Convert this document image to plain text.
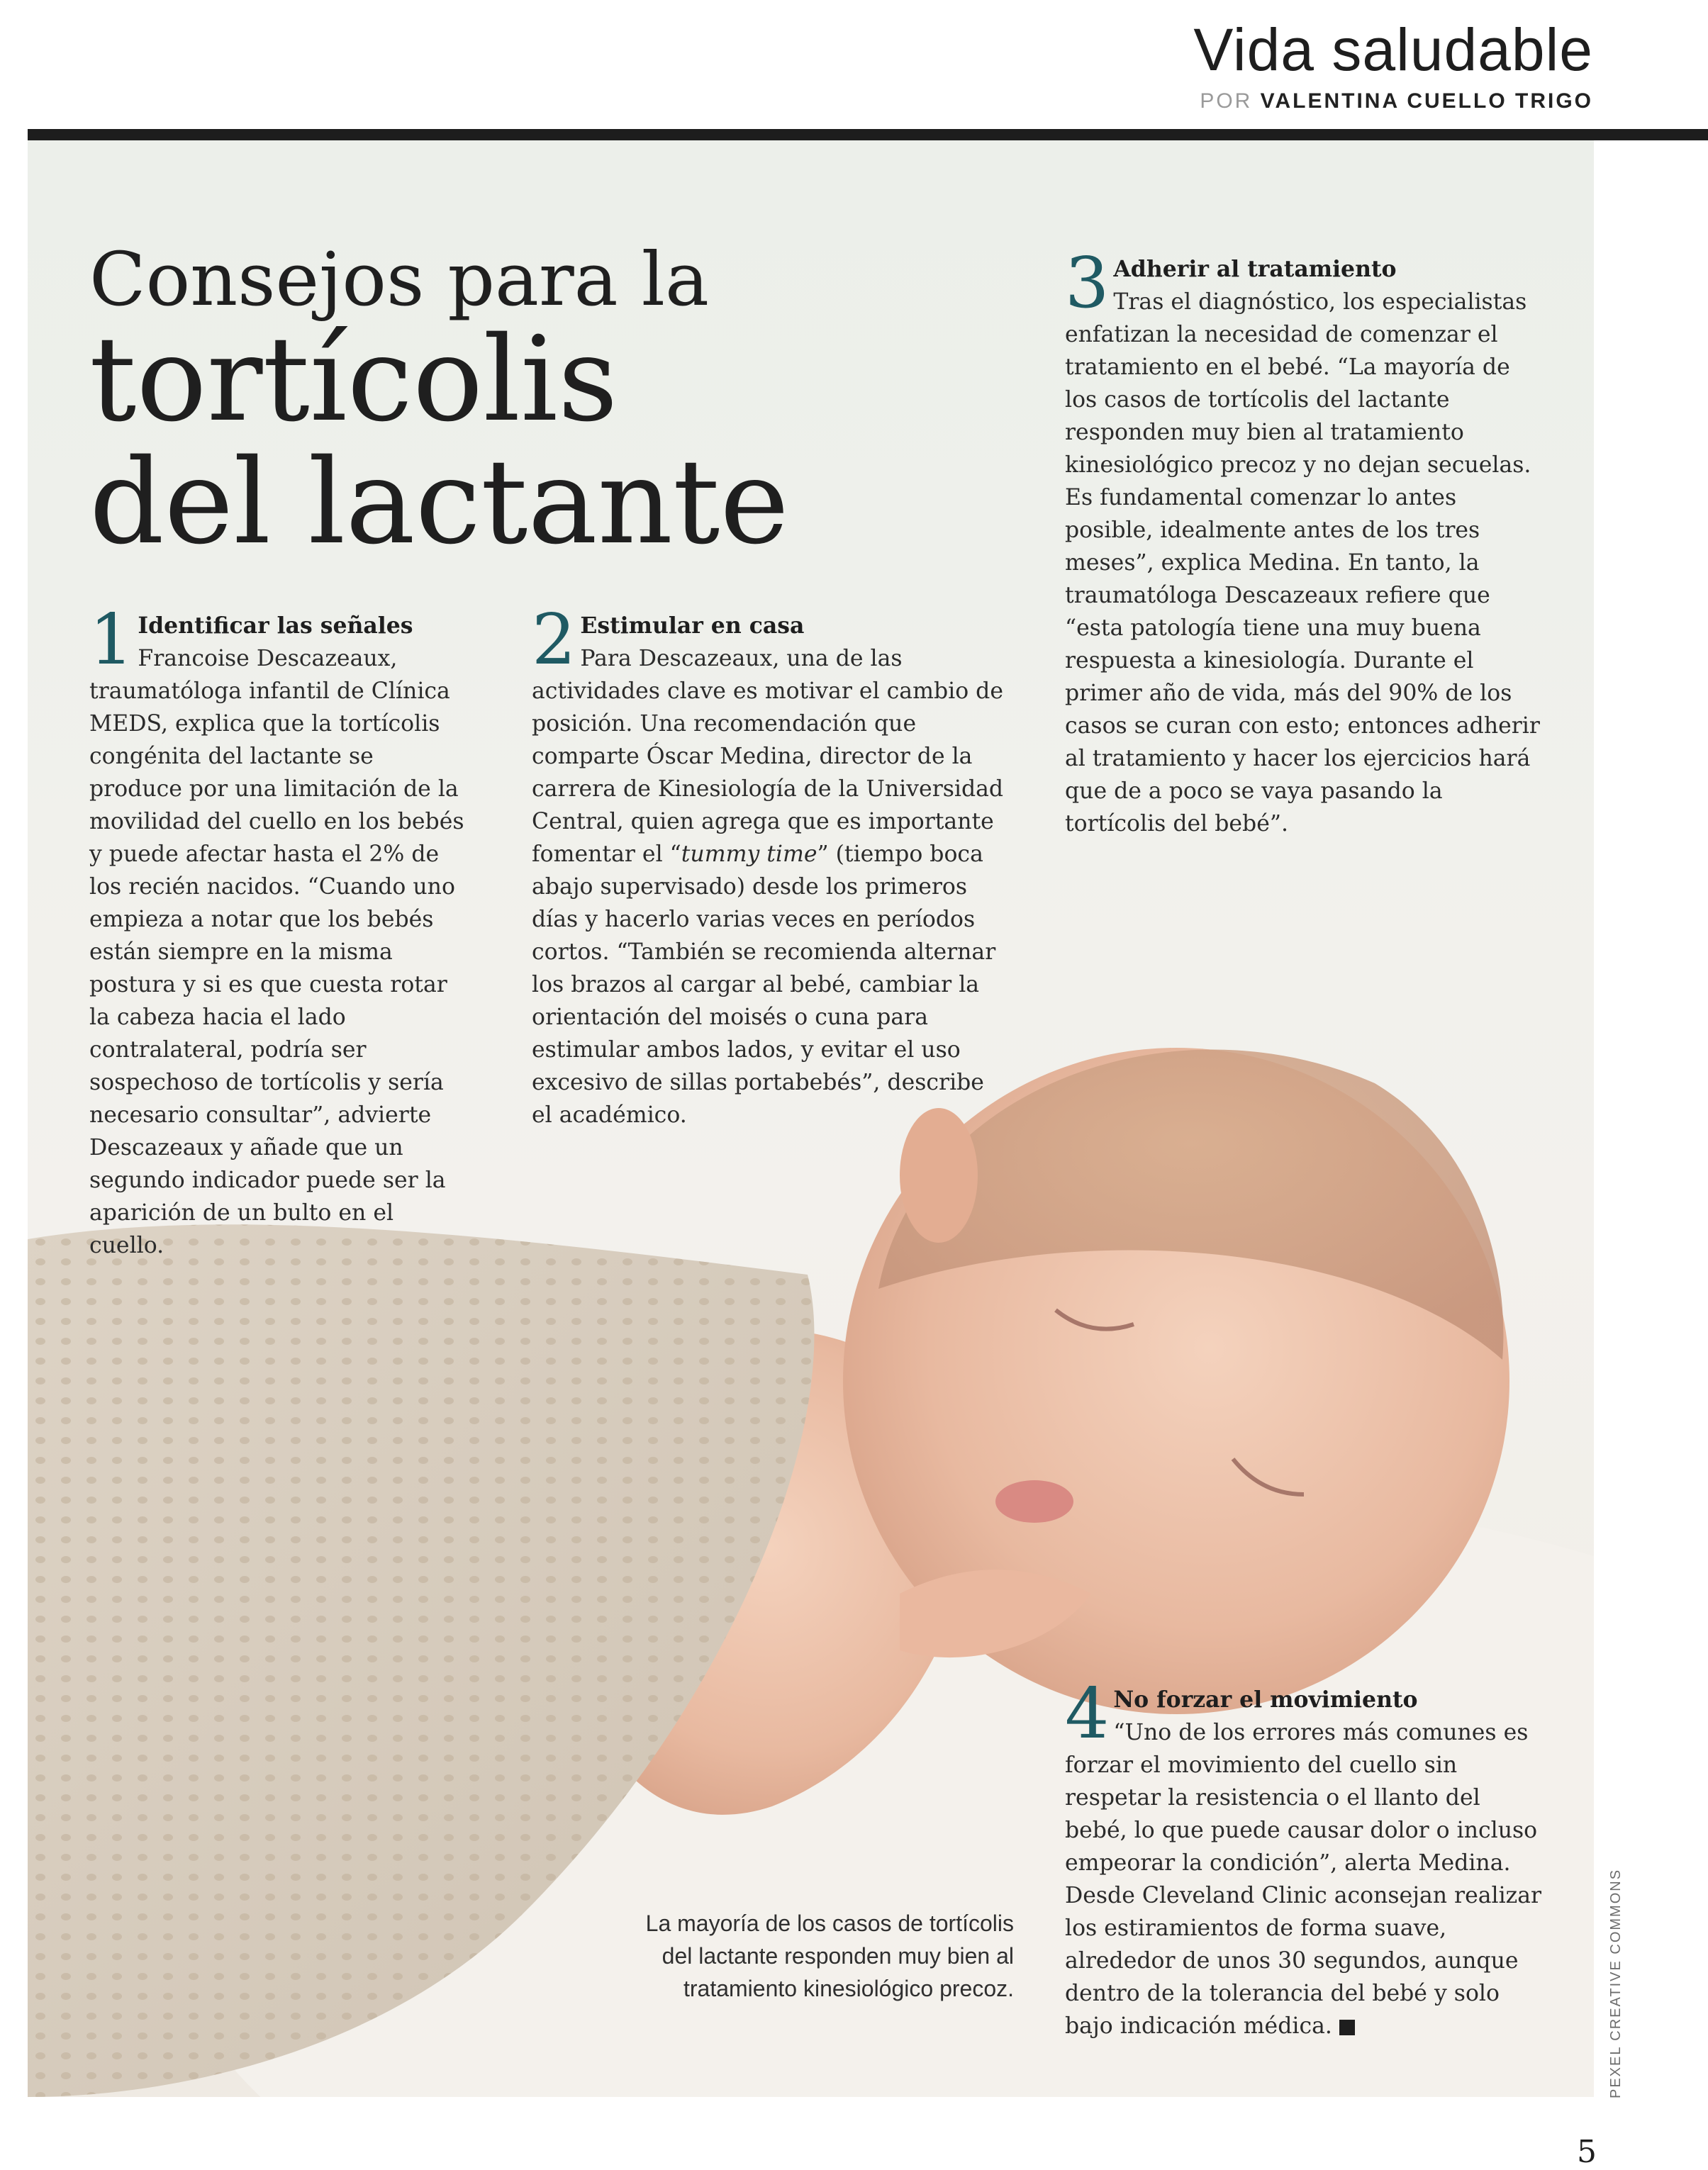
Vida saludable
POR VALENTINA CUELLO TRIGO
Consejos para la
tortícolis
del lactante
1 Identificar las señales
Francoise Descazeaux, traumatóloga infantil de Clínica MEDS, explica que la tortícolis congénita del lactante se produce por una limitación de la movilidad del cuello en los bebés y puede afectar hasta el 2% de los recién nacidos. “Cuando uno empieza a notar que los bebés están siempre en la misma postura y si es que cuesta rotar la cabeza hacia el lado contralateral, podría ser sospechoso de tortícolis y sería necesario consultar”, advierte Descazeaux y añade que un segundo indicador puede ser la aparición de un bulto en el cuello.
2 Estimular en casa
Para Descazeaux, una de las actividades clave es motivar el cambio de posición. Una recomendación que comparte Óscar Medina, director de la carrera de Kinesiología de la Universidad Central, quien agrega que es importante fomentar el “tummy time” (tiempo boca abajo supervisado) desde los primeros días y hacerlo varias veces en períodos cortos. “También se recomienda alternar los brazos al cargar al bebé, cambiar la orientación del moisés o cuna para estimular ambos lados, y evitar el uso excesivo de sillas portabebés”, describe el académico.
3 Adherir al tratamiento
Tras el diagnóstico, los especialistas enfatizan la necesidad de comenzar el tratamiento en el bebé. “La mayoría de los casos de tortícolis del lactante responden muy bien al tratamiento kinesiológico precoz y no dejan secuelas. Es fundamental comenzar lo antes posible, idealmente antes de los tres meses”, explica Medina. En tanto, la traumatóloga Descazeaux refiere que “esta patología tiene una muy buena respuesta a kinesiología. Durante el primer año de vida, más del 90% de los casos se curan con esto; entonces adherir al tratamiento y hacer los ejercicios hará que de a poco se vaya pasando la tortícolis del bebé”.
4 No forzar el movimiento
“Uno de los errores más comunes es forzar el movimiento del cuello sin respetar la resistencia o el llanto del bebé, lo que puede causar dolor o incluso empeorar la condición”, alerta Medina. Desde Cleveland Clinic aconsejan realizar los estiramientos de forma suave, alrededor de unos 30 segundos, aunque dentro de la tolerancia del bebé y solo bajo indicación médica.
La mayoría de los casos de tortícolis del lactante responden muy bien al tratamiento kinesiológico precoz.	PEXEL CREATIVE COMMONS
5
